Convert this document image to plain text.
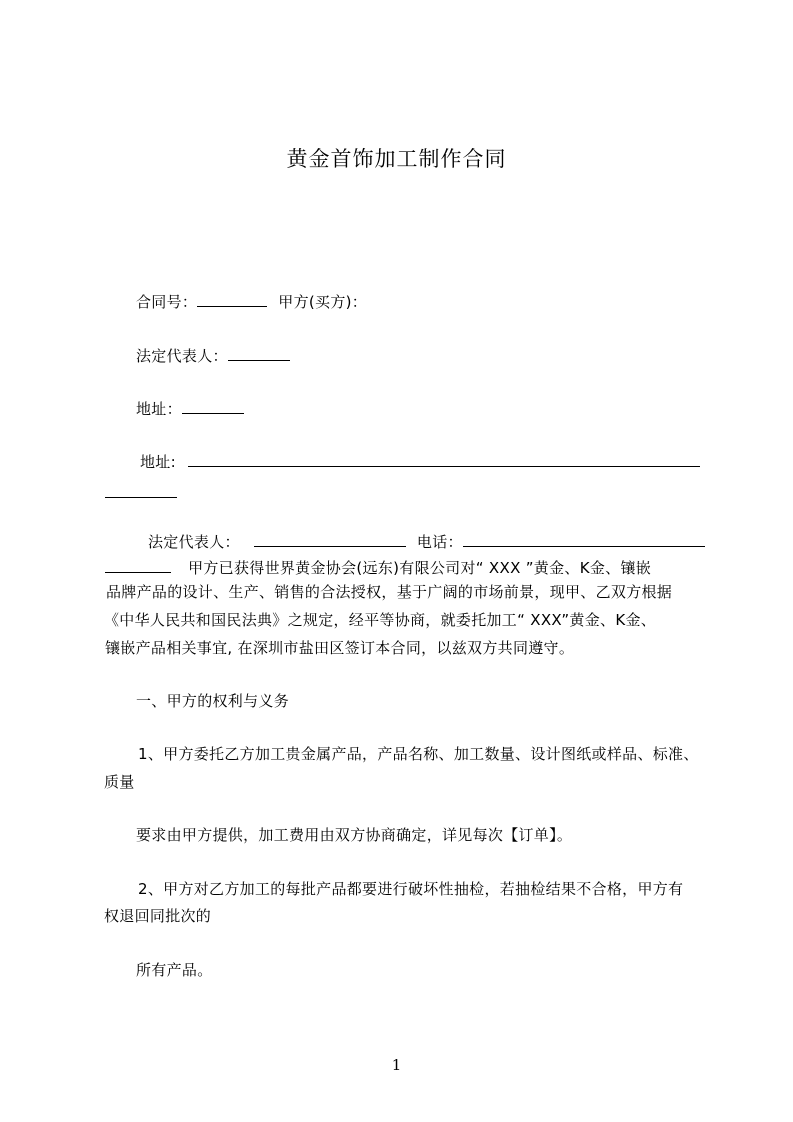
黄金首饰加工制作合同
合同号：	甲方(买方)：
法定代表人：
地址：
地址:
法定代表人：	电话：
甲方已获得世界黄金协会(远东)有限公司对“ XXX ”黄金、K金、镶嵌
品牌产品的设计、生产、销售的合法授权，基于广阔的市场前景，现甲、乙双方根据
《中华人民共和国民法典》之规定，经平等协商，就委托加工“ XXX”黄金、K金、
镶嵌产品相关事宜, 在深圳市盐田区签订本合同，以兹双方共同遵守。
一、甲方的权利与义务
1、甲方委托乙方加工贵金属产品，产品名称、加工数量、设计图纸或样品、标准、
质量
要求由甲方提供，加工费用由双方协商确定，详见每次【订单】。
2、甲方对乙方加工的每批产品都要进行破坏性抽检，若抽检结果不合格，甲方有
权退回同批次的
所有产品。
1
